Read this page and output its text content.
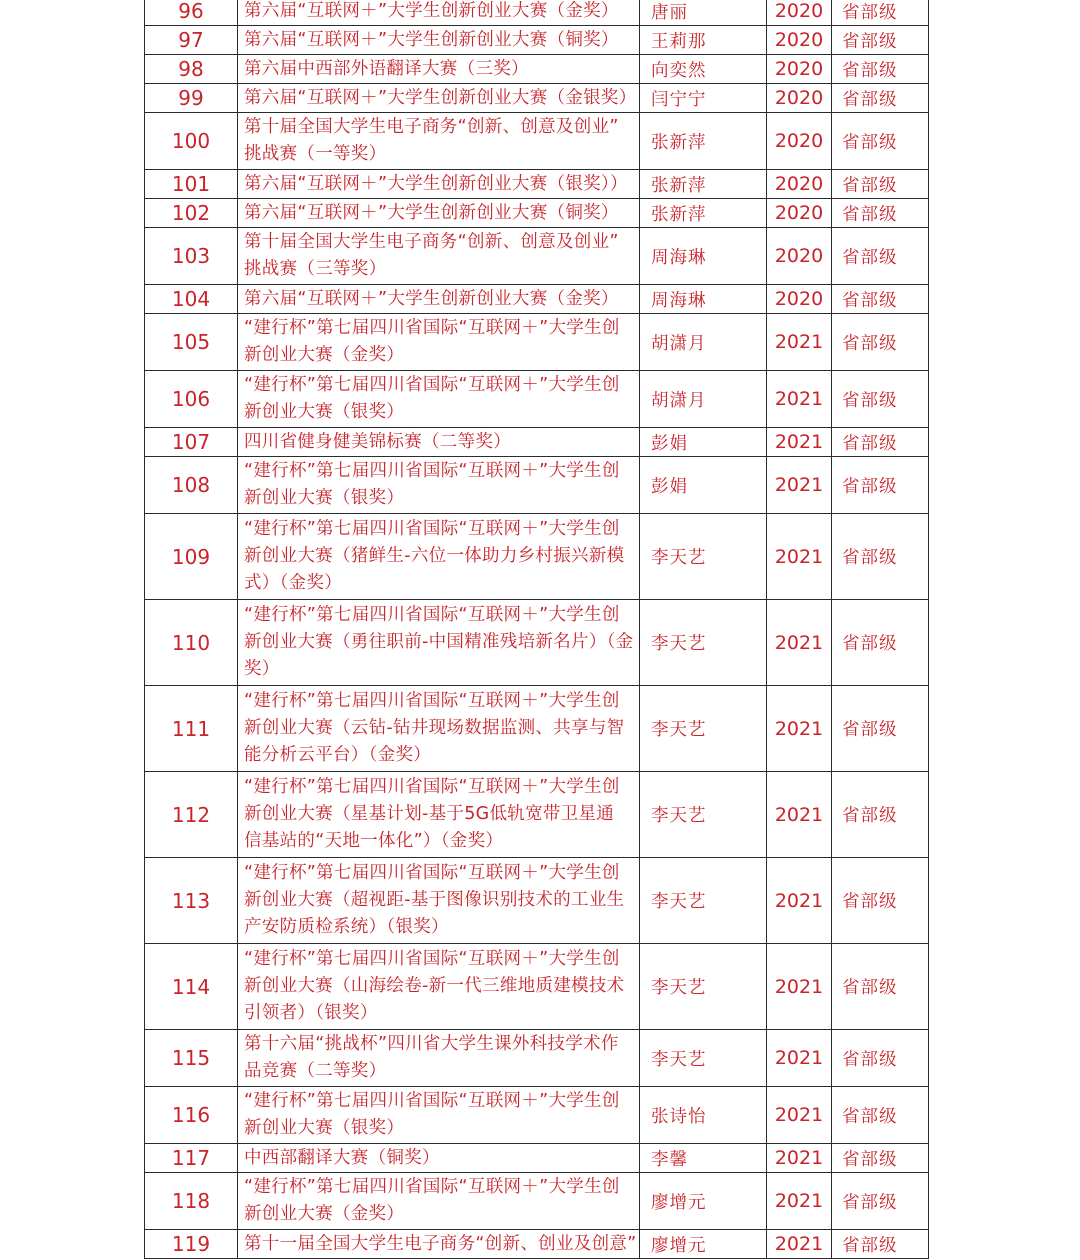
96	第六届“互联网＋”大学生创新创业大赛（金奖）	唐丽	2020	省部级
97	第六届“互联网＋”大学生创新创业大赛（铜奖）	王莉那	2020	省部级
98	第六届中西部外语翻译大赛（三奖）	向奕然	2020	省部级
99	第六届“互联网＋”大学生创新创业大赛（金银奖）	闫宁宁	2020	省部级
100	第十届全国大学生电子商务“创新、创意及创业”
挑战赛（一等奖）	张新萍	2020	省部级
101	第六届“互联网＋”大学生创新创业大赛（银奖））	张新萍	2020	省部级
102	第六届“互联网＋”大学生创新创业大赛（铜奖）	张新萍	2020	省部级
103	第十届全国大学生电子商务“创新、创意及创业”
挑战赛（三等奖）	周海琳	2020	省部级
104	第六届“互联网＋”大学生创新创业大赛（金奖）	周海琳	2020	省部级
105	“建行杯”第七届四川省国际“互联网＋”大学生创
新创业大赛（金奖）	胡潇月	2021	省部级
106	“建行杯”第七届四川省国际“互联网＋”大学生创
新创业大赛（银奖）	胡潇月	2021	省部级
107	四川省健身健美锦标赛（二等奖）	彭娟	2021	省部级
108	“建行杯”第七届四川省国际“互联网＋”大学生创
新创业大赛（银奖）	彭娟	2021	省部级
109	“建行杯”第七届四川省国际“互联网＋”大学生创
新创业大赛（猪鲜生-六位一体助力乡村振兴新模
式）（金奖）	李天艺	2021	省部级
110	“建行杯”第七届四川省国际“互联网＋”大学生创
新创业大赛（勇往职前-中国精准残培新名片）（金
奖）	李天艺	2021	省部级
111	“建行杯”第七届四川省国际“互联网＋”大学生创
新创业大赛（云钻-钻井现场数据监测、共享与智
能分析云平台）（金奖）	李天艺	2021	省部级
112	“建行杯”第七届四川省国际“互联网＋”大学生创
新创业大赛（星基计划-基于5G低轨宽带卫星通
信基站的“天地一体化”）（金奖）	李天艺	2021	省部级
113	“建行杯”第七届四川省国际“互联网＋”大学生创
新创业大赛（超视距-基于图像识别技术的工业生
产安防质检系统）（银奖）	李天艺	2021	省部级
114	“建行杯”第七届四川省国际“互联网＋”大学生创
新创业大赛（山海绘卷-新一代三维地质建模技术
引领者）（银奖）	李天艺	2021	省部级
115	第十六届“挑战杯”四川省大学生课外科技学术作
品竞赛（二等奖）	李天艺	2021	省部级
116	“建行杯”第七届四川省国际“互联网＋”大学生创
新创业大赛（银奖）	张诗怡	2021	省部级
117	中西部翻译大赛（铜奖）	李馨	2021	省部级
118	“建行杯”第七届四川省国际“互联网＋”大学生创
新创业大赛（金奖）	廖增元	2021	省部级
119	第十一届全国大学生电子商务“创新、创业及创意”	廖增元	2021	省部级
